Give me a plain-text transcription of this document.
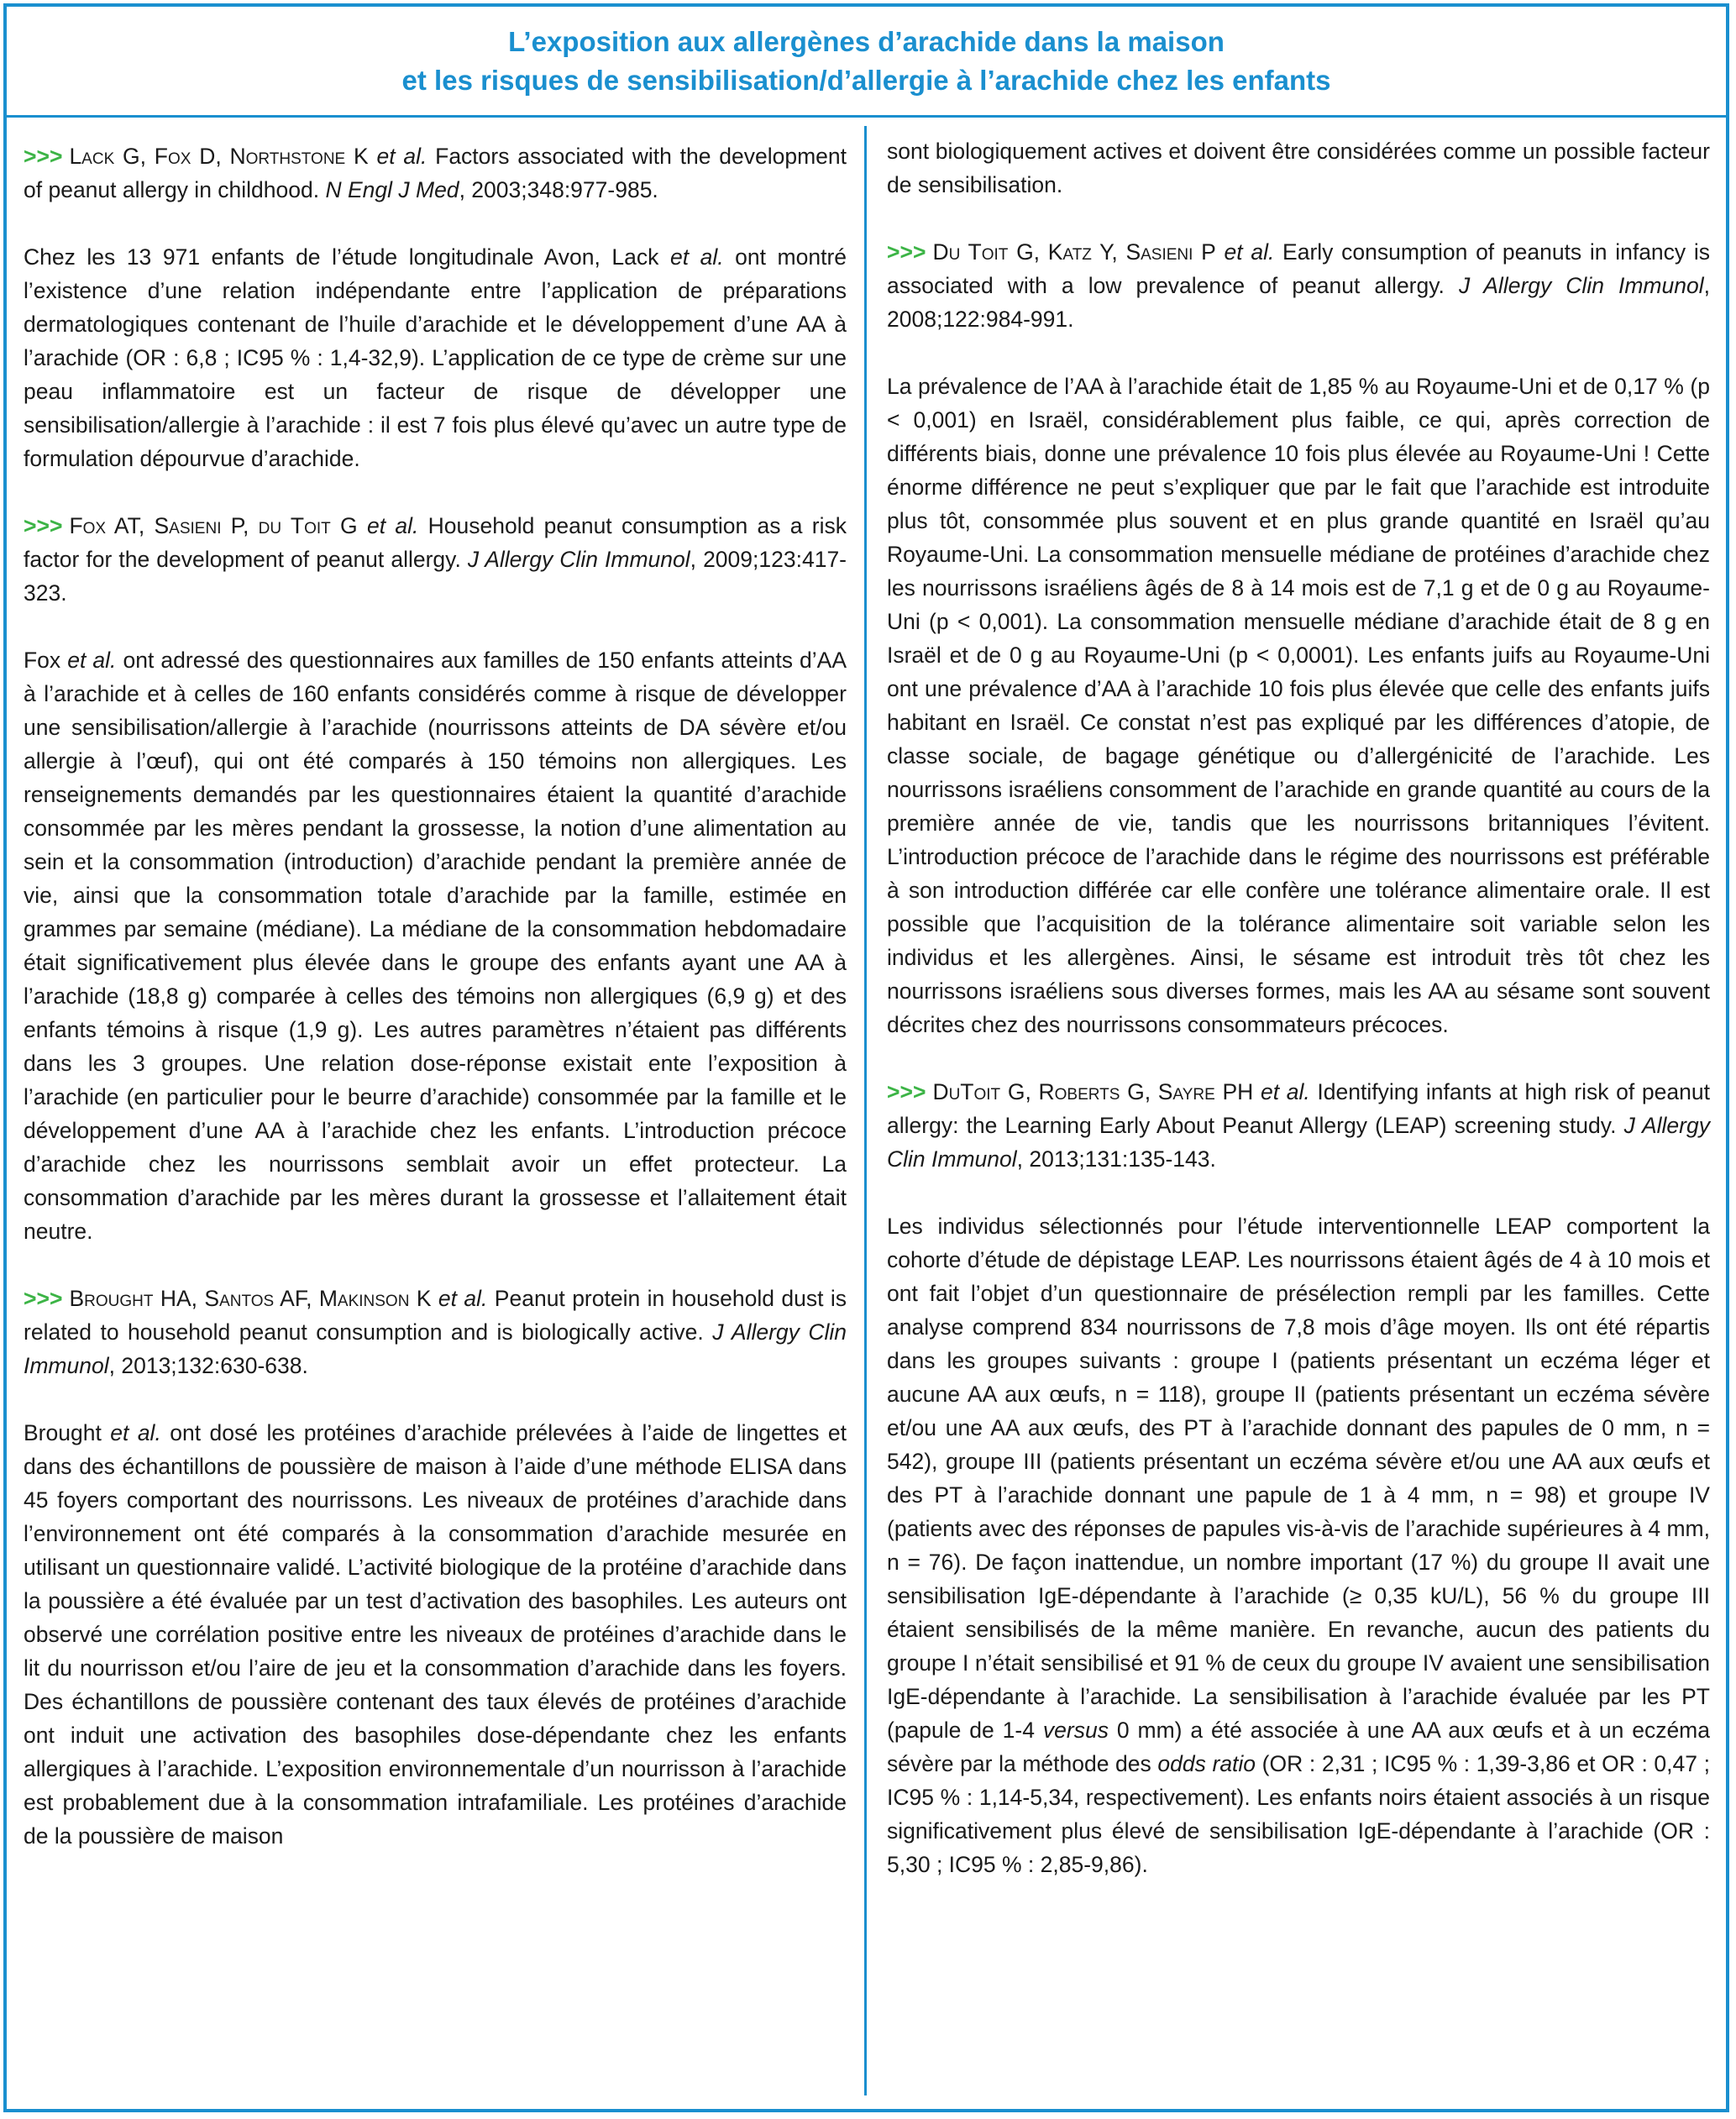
L’exposition aux allergènes d’arachide dans la maison
et les risques de sensibilisation/d’allergie à l’arachide chez les enfants

>>> Lack G, Fox D, Northstone K et al. Factors associated with the development of peanut allergy in childhood. N Engl J Med, 2003;348:977-985.

Chez les 13 971 enfants de l’étude longitudinale Avon, Lack et al. ont montré l’existence d’une relation indépendante entre l’application de préparations dermatologiques contenant de l’huile d’arachide et le développement d’une AA à l’arachide (OR : 6,8 ; IC95 % : 1,4-32,9). L’application de ce type de crème sur une peau inflammatoire est un facteur de risque de développer une sensibilisation/allergie à l’arachide : il est 7 fois plus élevé qu’avec un autre type de formulation dépourvue d’arachide.

>>> Fox AT, Sasieni P, du Toit G et al. Household peanut consumption as a risk factor for the development of peanut allergy. J Allergy Clin Immunol, 2009;123:417-323.

Fox et al. ont adressé des questionnaires aux familles de 150 enfants atteints d’AA à l’arachide et à celles de 160 enfants considérés comme à risque de développer une sensibilisation/allergie à l’arachide (nourrissons atteints de DA sévère et/ou allergie à l’œuf), qui ont été comparés à 150 témoins non allergiques. Les renseignements demandés par les questionnaires étaient la quantité d’arachide consommée par les mères pendant la grossesse, la notion d’une alimentation au sein et la consommation (introduction) d’arachide pendant la première année de vie, ainsi que la consommation totale d’arachide par la famille, estimée en grammes par semaine (médiane). La médiane de la consommation hebdomadaire était significativement plus élevée dans le groupe des enfants ayant une AA à l’arachide (18,8 g) comparée à celles des témoins non allergiques (6,9 g) et des enfants témoins à risque (1,9 g). Les autres paramètres n’étaient pas différents dans les 3 groupes. Une relation dose-réponse existait ente l’exposition à l’arachide (en particulier pour le beurre d’arachide) consommée par la famille et le développement d’une AA à l’arachide chez les enfants. L’introduction précoce d’arachide chez les nourrissons semblait avoir un effet protecteur. La consommation d’arachide par les mères durant la grossesse et l’allaitement était neutre.

>>> Brought HA, Santos AF, Makinson K et al. Peanut protein in household dust is related to household peanut consumption and is biologically active. J Allergy Clin Immunol, 2013;132:630-638.

Brought et al. ont dosé les protéines d’arachide prélevées à l’aide de lingettes et dans des échantillons de poussière de maison à l’aide d’une méthode ELISA dans 45 foyers comportant des nourrissons. Les niveaux de protéines d’arachide dans l’environnement ont été comparés à la consommation d’arachide mesurée en utilisant un questionnaire validé. L’activité biologique de la protéine d’arachide dans la poussière a été évaluée par un test d’activation des basophiles. Les auteurs ont observé une corrélation positive entre les niveaux de protéines d’arachide dans le lit du nourrisson et/ou l’aire de jeu et la consommation d’arachide dans les foyers. Des échantillons de poussière contenant des taux élevés de protéines d’arachide ont induit une activation des basophiles dose-dépendante chez les enfants allergiques à l’arachide. L’exposition environnementale d’un nourrisson à l’arachide est probablement due à la consommation intrafamiliale. Les protéines d’arachide de la poussière de maison

sont biologiquement actives et doivent être considérées comme un possible facteur de sensibilisation.

>>> Du Toit G, Katz Y, Sasieni P et al. Early consumption of peanuts in infancy is associated with a low prevalence of peanut allergy. J Allergy Clin Immunol, 2008;122:984-991.

La prévalence de l’AA à l’arachide était de 1,85 % au Royaume-Uni et de 0,17 % (p < 0,001) en Israël, considérablement plus faible, ce qui, après correction de différents biais, donne une prévalence 10 fois plus élevée au Royaume-Uni ! Cette énorme différence ne peut s’expliquer que par le fait que l’arachide est introduite plus tôt, consommée plus souvent et en plus grande quantité en Israël qu’au Royaume-Uni. La consommation mensuelle médiane de protéines d’arachide chez les nourrissons israéliens âgés de 8 à 14 mois est de 7,1 g et de 0 g au Royaume-Uni (p < 0,001). La consommation mensuelle médiane d’arachide était de 8 g en Israël et de 0 g au Royaume-Uni (p < 0,0001). Les enfants juifs au Royaume-Uni ont une prévalence d’AA à l’arachide 10 fois plus élevée que celle des enfants juifs habitant en Israël. Ce constat n’est pas expliqué par les différences d’atopie, de classe sociale, de bagage génétique ou d’allergénicité de l’arachide. Les nourrissons israéliens consomment de l’arachide en grande quantité au cours de la première année de vie, tandis que les nourrissons britanniques l’évitent. L’introduction précoce de l’arachide dans le régime des nourrissons est préférable à son introduction différée car elle confère une tolérance alimentaire orale. Il est possible que l’acquisition de la tolérance alimentaire soit variable selon les individus et les allergènes. Ainsi, le sésame est introduit très tôt chez les nourrissons israéliens sous diverses formes, mais les AA au sésame sont souvent décrites chez des nourrissons consommateurs précoces.

>>> DuToit G, Roberts G, Sayre PH et al. Identifying infants at high risk of peanut allergy: the Learning Early About Peanut Allergy (LEAP) screening study. J Allergy Clin Immunol, 2013;131:135-143.

Les individus sélectionnés pour l’étude interventionnelle LEAP comportent la cohorte d’étude de dépistage LEAP. Les nourrissons étaient âgés de 4 à 10 mois et ont fait l’objet d’un questionnaire de présélection rempli par les familles. Cette analyse comprend 834 nourrissons de 7,8 mois d’âge moyen. Ils ont été répartis dans les groupes suivants : groupe I (patients présentant un eczéma léger et aucune AA aux œufs, n = 118), groupe II (patients présentant un eczéma sévère et/ou une AA aux œufs, des PT à l’arachide donnant des papules de 0 mm, n = 542), groupe III (patients présentant un eczéma sévère et/ou une AA aux œufs et des PT à l’arachide donnant une papule de 1 à 4 mm, n = 98) et groupe IV (patients avec des réponses de papules vis-à-vis de l’arachide supérieures à 4 mm, n = 76). De façon inattendue, un nombre important (17 %) du groupe II avait une sensibilisation IgE-dépendante à l’arachide (≥ 0,35 kU/L), 56 % du groupe III étaient sensibilisés de la même manière. En revanche, aucun des patients du groupe I n’était sensibilisé et 91 % de ceux du groupe IV avaient une sensibilisation IgE-dépendante à l’arachide. La sensibilisation à l’arachide évaluée par les PT (papule de 1-4 versus 0 mm) a été associée à une AA aux œufs et à un eczéma sévère par la méthode des odds ratio (OR : 2,31 ; IC95 % : 1,39-3,86 et OR : 0,47 ; IC95 % : 1,14-5,34, respectivement). Les enfants noirs étaient associés à un risque significativement plus élevé de sensibilisation IgE-dépendante à l’arachide (OR : 5,30 ; IC95 % : 2,85-9,86).
